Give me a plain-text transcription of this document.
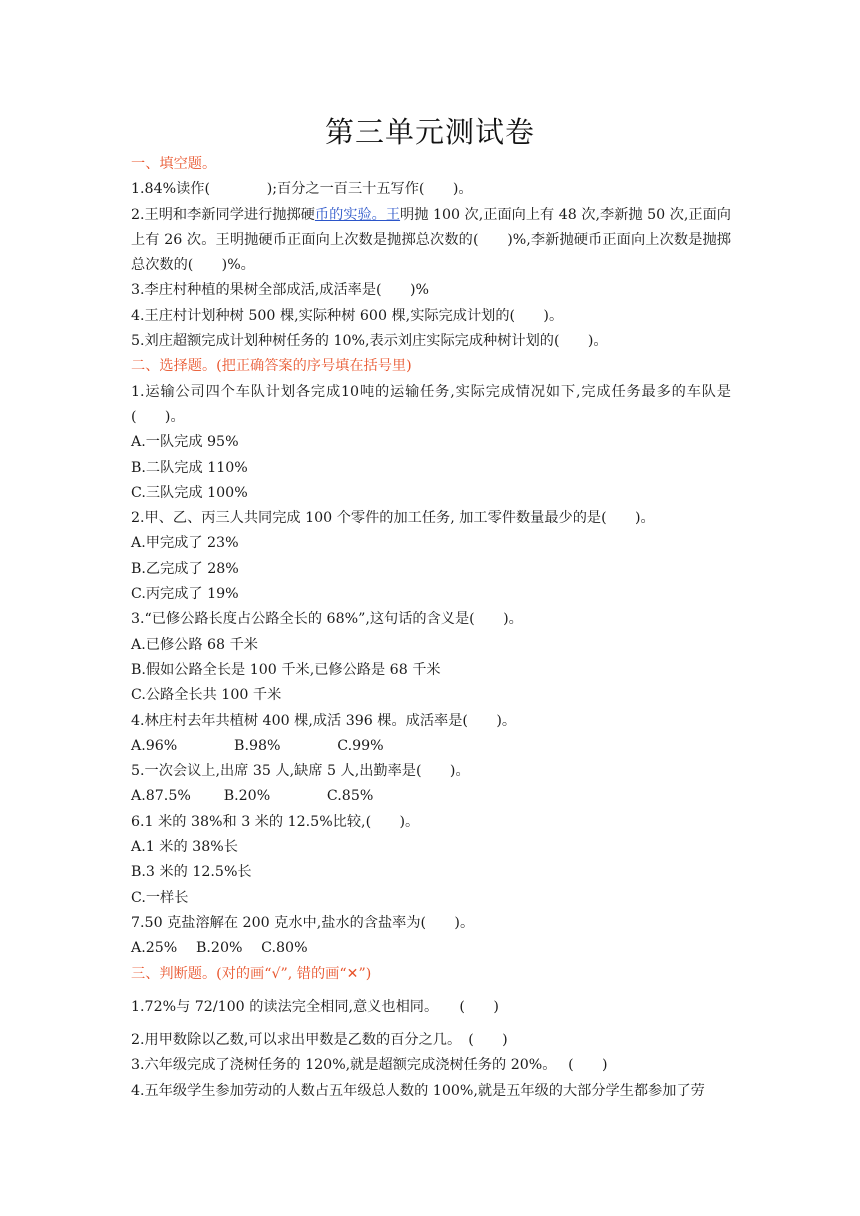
第三单元测试卷
一、填空题。
1.84%读作(　　　　);百分之一百三十五写作(　　)。
2.王明和李新同学进行抛掷硬币的实验。王明抛 100 次,正面向上有 48 次,李新抛 50 次,正面向上有 26 次。王明抛硬币正面向上次数是抛掷总次数的(　　)%,李新抛硬币正面向上次数是抛掷总次数的(　　)%。
3.李庄村种植的果树全部成活,成活率是(　　)%
4.王庄村计划种树 500 棵,实际种树 600 棵,实际完成计划的(　　)。
5.刘庄超额完成计划种树任务的 10%,表示刘庄实际完成种树计划的(　　)。
二、选择题。(把正确答案的序号填在括号里)
1.运输公司四个车队计划各完成10吨的运输任务,实际完成情况如下,完成任务最多的车队是(　　)。
A.一队完成 95%
B.二队完成 110%
C.三队完成 100%
2.甲、乙、丙三人共同完成 100 个零件的加工任务, 加工零件数量最少的是(　　)。
A.甲完成了 23%
B.乙完成了 28%
C.丙完成了 19%
3.“已修公路长度占公路全长的 68%”,这句话的含义是(　　)。
A.已修公路 68 千米
B.假如公路全长是 100 千米,已修公路是 68 千米
C.公路全长共 100 千米
4.林庄村去年共植树 400 棵,成活 396 棵。成活率是(　　)。
A.96%　　　　B.98%　　　　C.99%
5.一次会议上,出席 35 人,缺席 5 人,出勤率是(　　)。
A.87.5%　　 B.20%　　　　C.85%
6.1 米的 38%和 3 米的 12.5%比较,(　　)。
A.1 米的 38%长
B.3 米的 12.5%长
C.一样长
7.50 克盐溶解在 200 克水中,盐水的含盐率为(　　)。
A.25%　 B.20%　 C.80%
三、判断题。(对的画“√”, 错的画“✕”)
1.72%与 72/100 的读法完全相同,意义也相同。　　(　　)
2.用甲数除以乙数,可以求出甲数是乙数的百分之几。　(　　)
3.六年级完成了浇树任务的 120%,就是超额完成浇树任务的 20%。　 (　　)
4.五年级学生参加劳动的人数占五年级总人数的 100%,就是五年级的大部分学生都参加了劳
